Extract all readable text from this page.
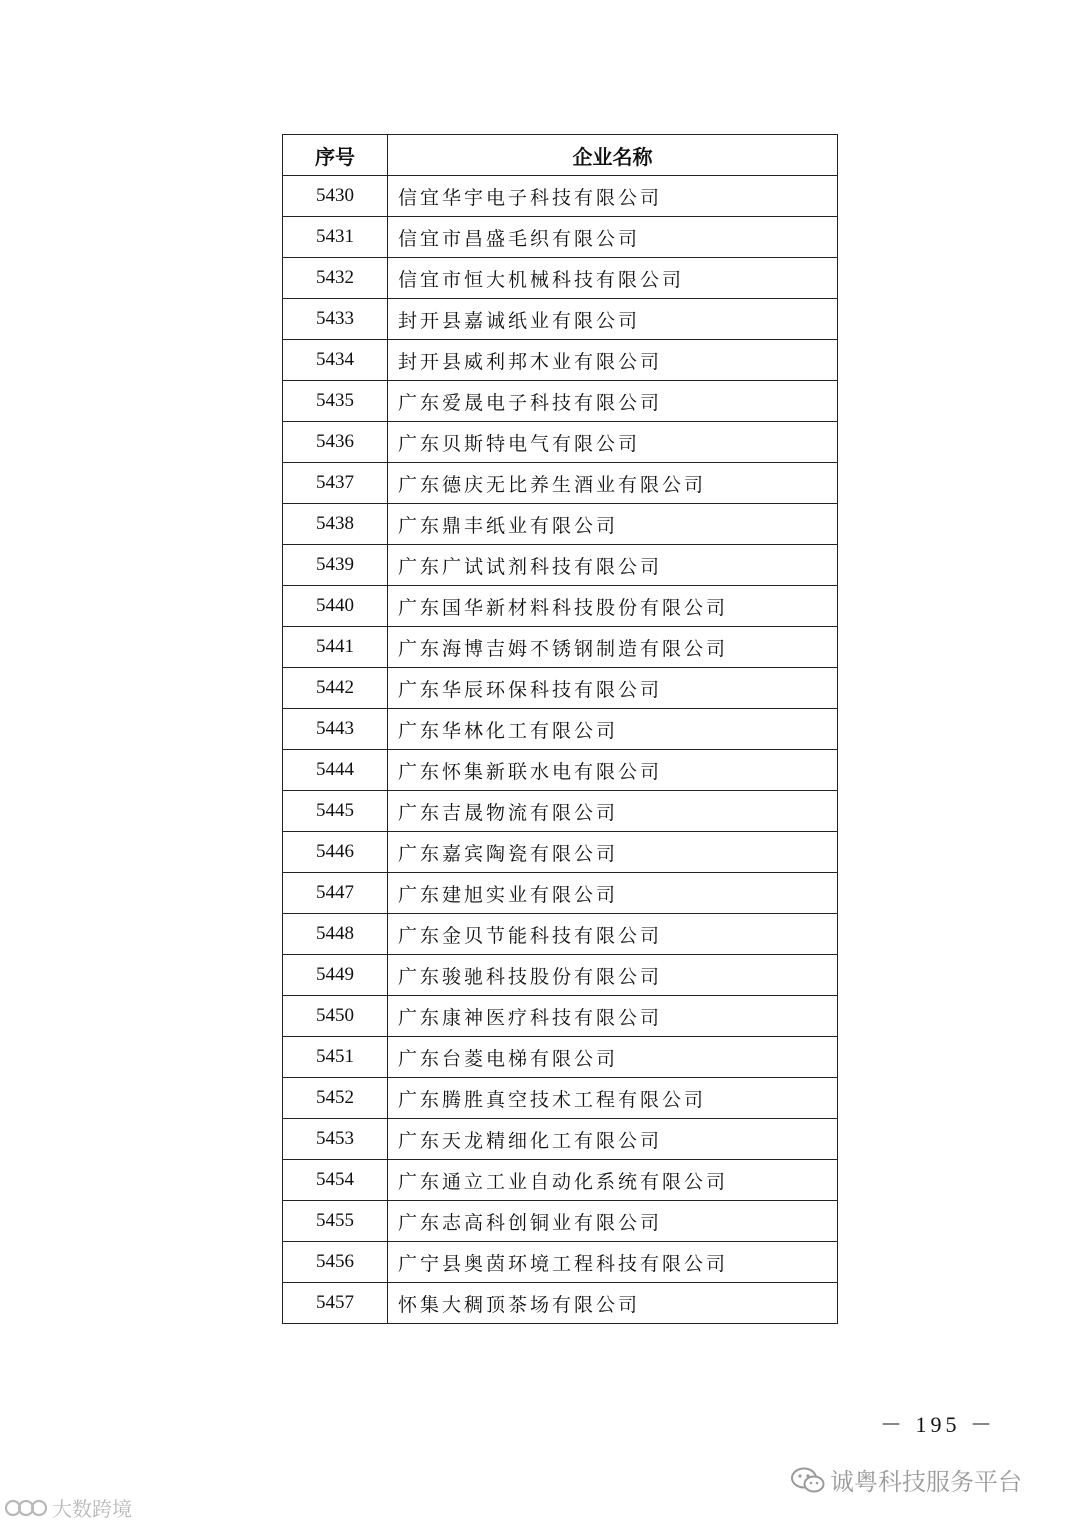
序号	企业名称
5430	信宜华宇电子科技有限公司
5431	信宜市昌盛毛织有限公司
5432	信宜市恒大机械科技有限公司
5433	封开县嘉诚纸业有限公司
5434	封开县威利邦木业有限公司
5435	广东爱晟电子科技有限公司
5436	广东贝斯特电气有限公司
5437	广东德庆无比养生酒业有限公司
5438	广东鼎丰纸业有限公司
5439	广东广试试剂科技有限公司
5440	广东国华新材料科技股份有限公司
5441	广东海博吉姆不锈钢制造有限公司
5442	广东华辰环保科技有限公司
5443	广东华林化工有限公司
5444	广东怀集新联水电有限公司
5445	广东吉晟物流有限公司
5446	广东嘉宾陶瓷有限公司
5447	广东建旭实业有限公司
5448	广东金贝节能科技有限公司
5449	广东骏驰科技股份有限公司
5450	广东康神医疗科技有限公司
5451	广东台菱电梯有限公司
5452	广东腾胜真空技术工程有限公司
5453	广东天龙精细化工有限公司
5454	广东通立工业自动化系统有限公司
5455	广东志高科创铜业有限公司
5456	广宁县奥茵环境工程科技有限公司
5457	怀集大稠顶茶场有限公司
－ 195 －
诚粤科技服务平台
大数跨境
